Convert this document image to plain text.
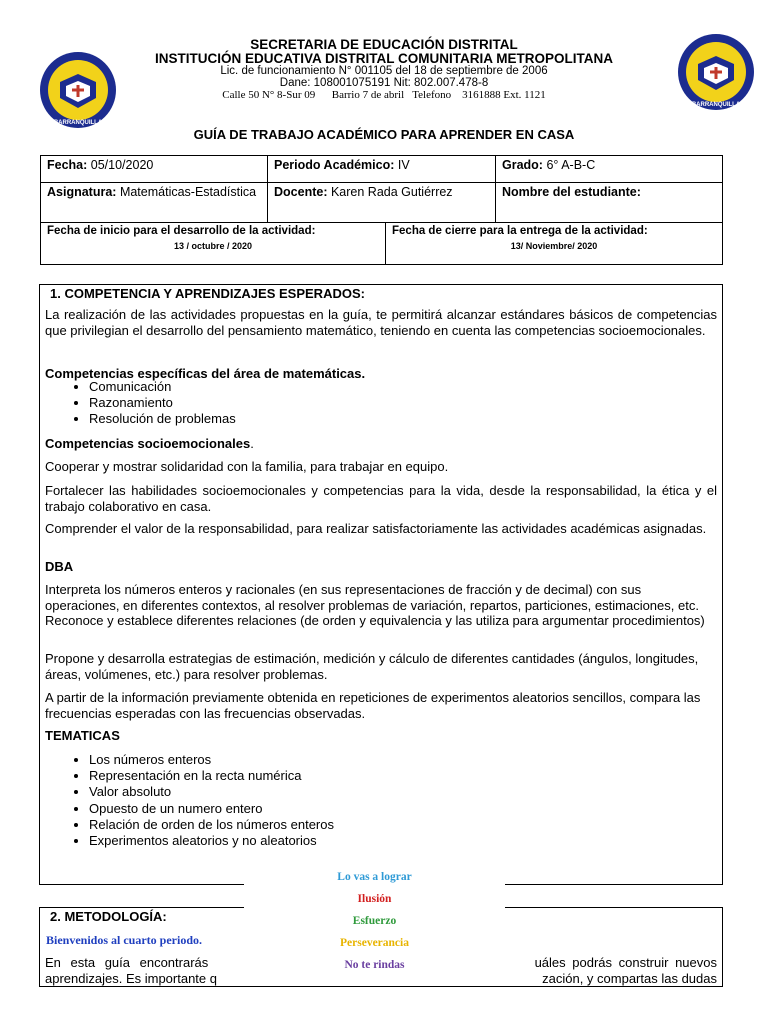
BARRANQUILLA
BARRANQUILLA
SECRETARIA DE EDUCACIÓN DISTRITAL
INSTITUCIÓN EDUCATIVA DISTRITAL COMUNITARIA METROPOLITANA
Lic. de funcionamiento N° 001105 del 18 de septiembre de 2006
Dane: 108001075191 Nit: 802.007.478-8
Calle 50 N° 8-Sur 09      Barrio 7 de abril   Telefono    3161888 Ext. 1121
GUÍA DE TRABAJO ACADÉMICO PARA APRENDER EN CASA
Fecha: 05/10/2020	Periodo Académico: IV	Grado: 6° A-B-C
Asignatura: Matemáticas-Estadística	Docente: Karen Rada Gutiérrez	Nombre del estudiante:
Fecha de inicio para el desarrollo de la actividad:
13 / octubre / 2020
Fecha de cierre para la entrega de la actividad:
13/ Noviembre/ 2020
1. COMPETENCIA Y APRENDIZAJES ESPERADOS:
La realización de las actividades propuestas en la guía, te permitirá alcanzar estándares básicos de competencias que privilegian el desarrollo del pensamiento matemático, teniendo en cuenta las competencias socioemocionales.
Competencias específicas del área de matemáticas.
• Comunicación
• Razonamiento
• Resolución de problemas
Competencias socioemocionales.
Cooperar y mostrar solidaridad con la familia, para trabajar en equipo.
Fortalecer las habilidades socioemocionales y competencias para la vida, desde la responsabilidad, la ética y el trabajo colaborativo en casa.
Comprender el valor de la responsabilidad, para realizar satisfactoriamente las actividades académicas asignadas.
DBA
Interpreta los números enteros y racionales (en sus representaciones de fracción y de decimal) con sus operaciones, en diferentes contextos, al resolver problemas de variación, repartos, particiones, estimaciones, etc. Reconoce y establece diferentes relaciones (de orden y equivalencia y las utiliza para argumentar procedimientos)
Propone y desarrolla estrategias de estimación, medición y cálculo de diferentes cantidades (ángulos, longitudes, áreas, volúmenes, etc.) para resolver problemas.
A partir de la información previamente obtenida en repeticiones de experimentos aleatorios sencillos, compara las frecuencias esperadas con las frecuencias observadas.
TEMATICAS
• Los números enteros
• Representación en la recta numérica
• Valor absoluto
• Opuesto de un numero entero
• Relación de orden de los números enteros
• Experimentos aleatorios y no aleatorios
2. METODOLOGÍA:
Bienvenidos al cuarto periodo.
En esta guía encontrarás	uáles podrás construir nuevos
aprendizajes. Es importante q	zación, y compartas las dudas
Lo vas a lograr
Ilusión
Esfuerzo
Perseverancia
No te rindas
